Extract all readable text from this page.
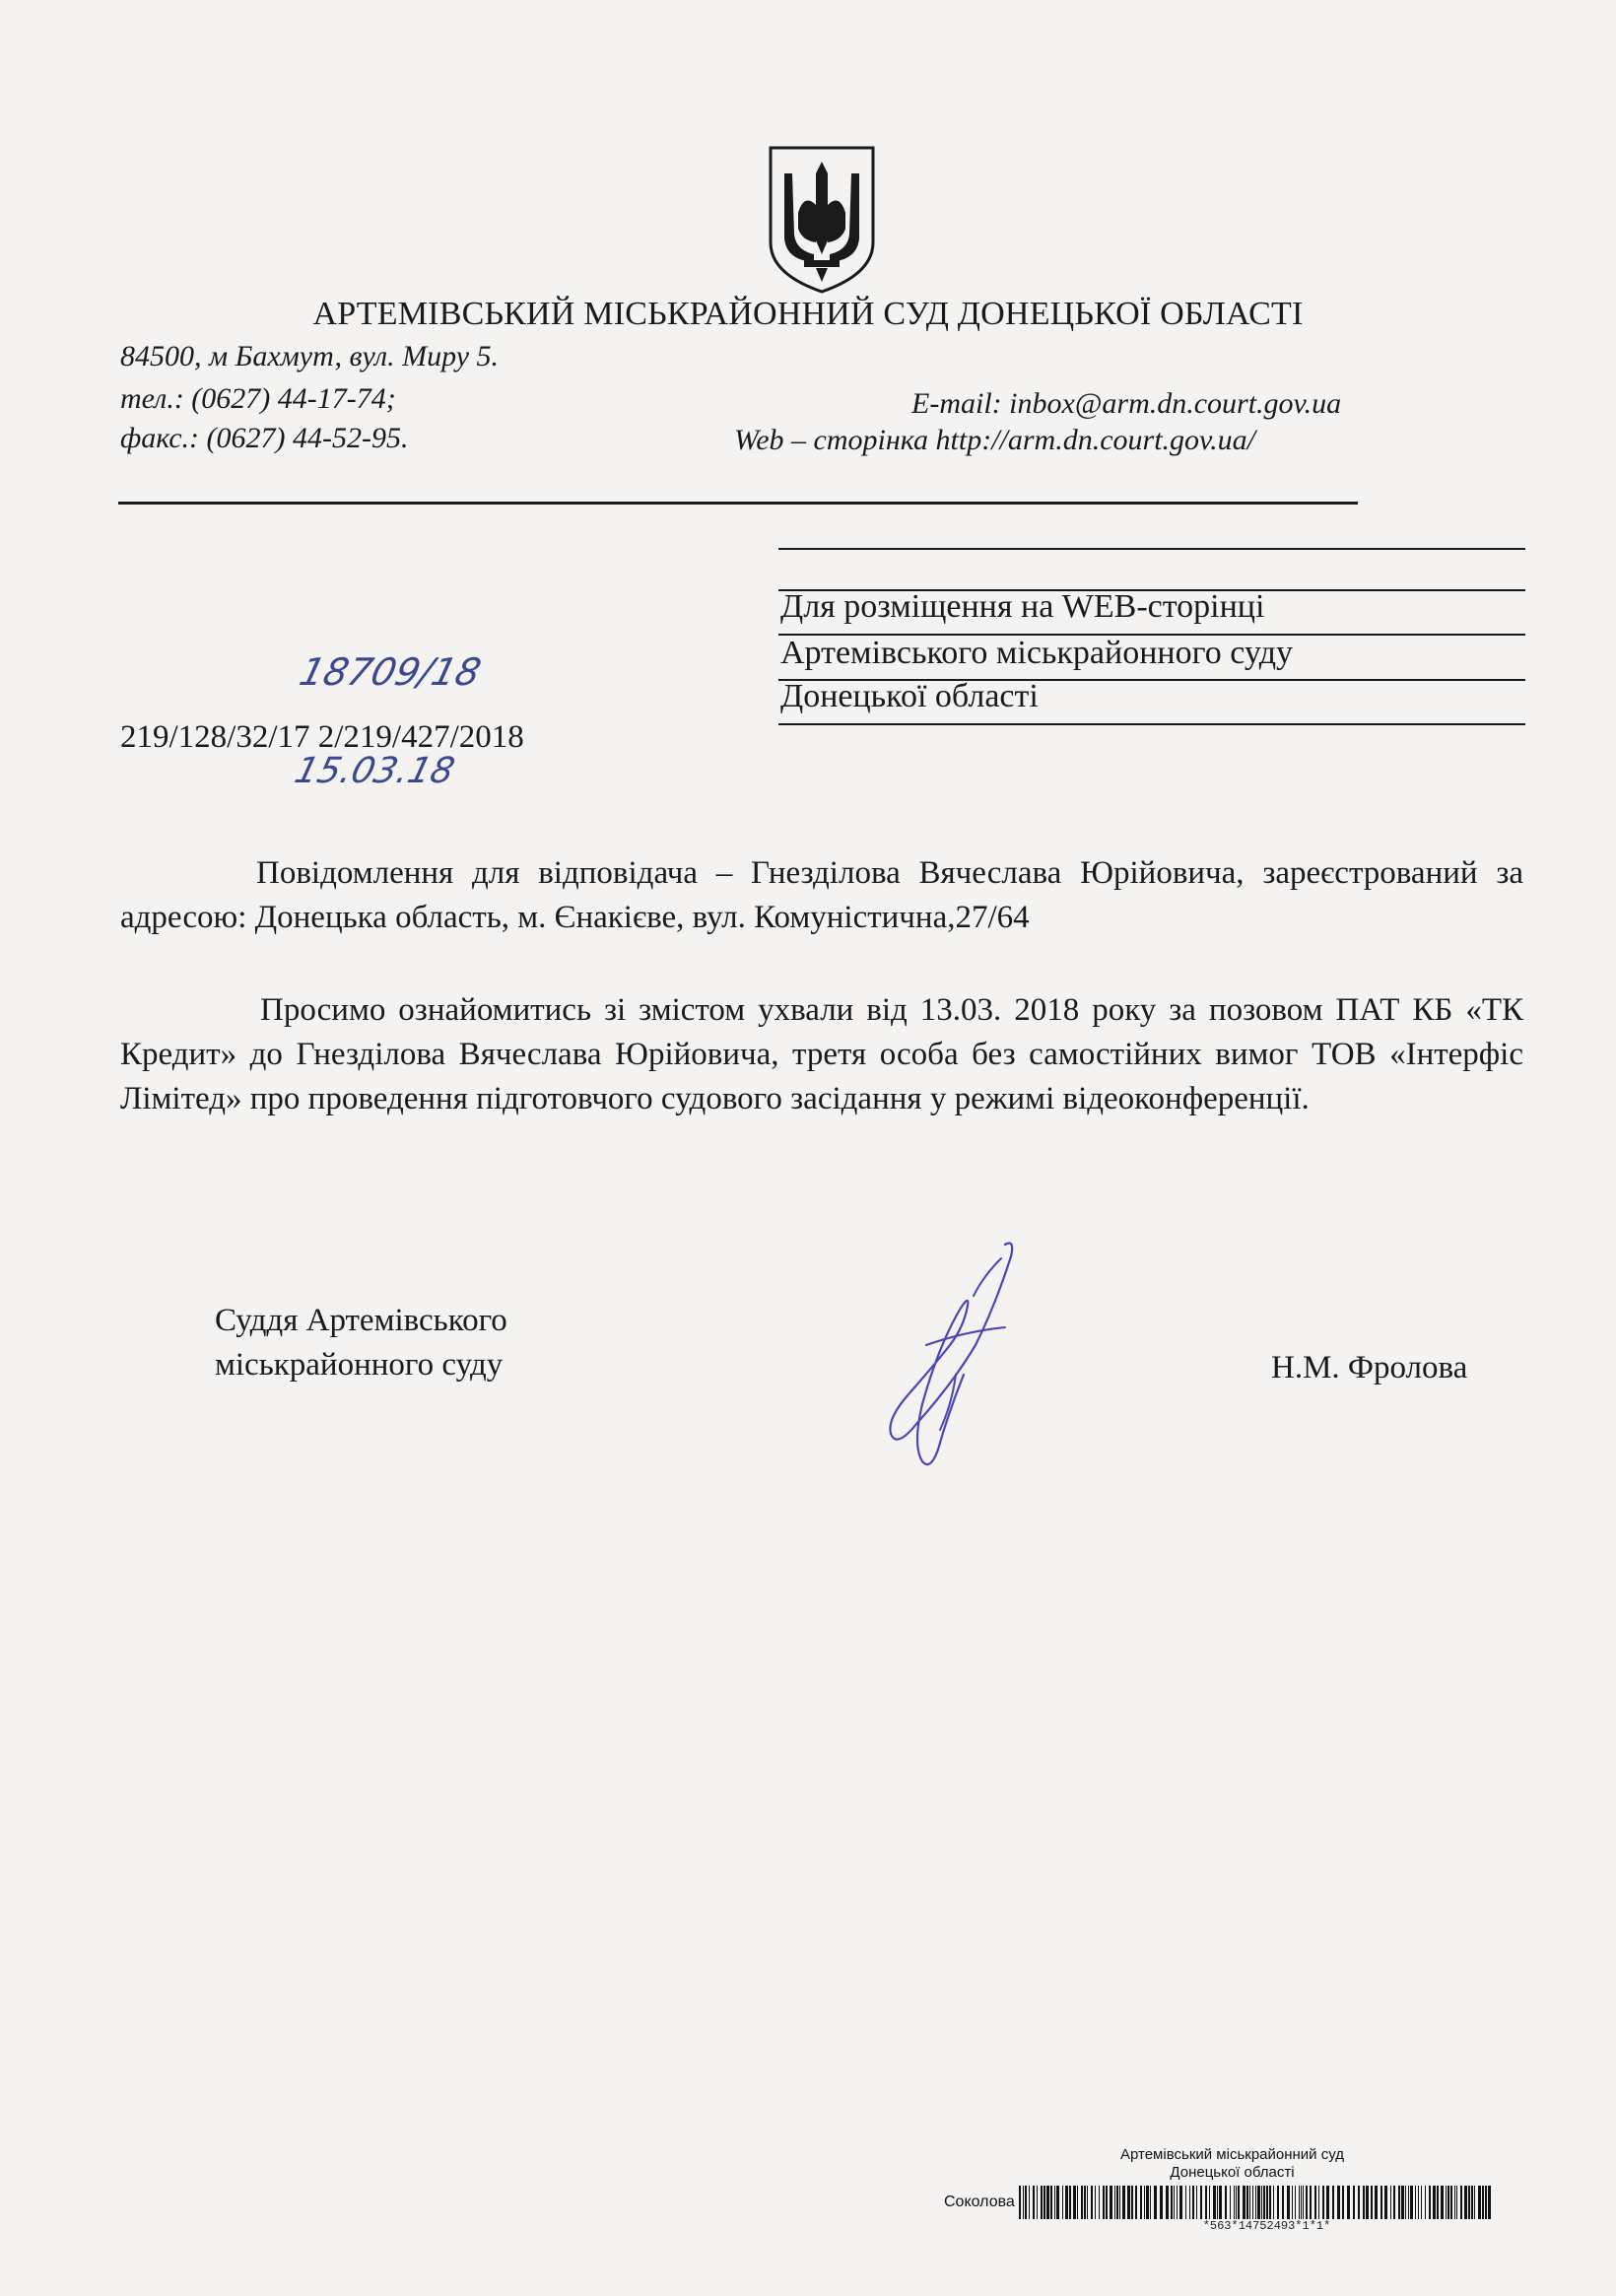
АРТЕМІВСЬКИЙ МІСЬКРАЙОННИЙ СУД ДОНЕЦЬКОЇ ОБЛАСТІ
84500, м Бахмут, вул. Миру 5.
тел.: (0627) 44-17-74;
факс.: (0627) 44-52-95.
E-mail: inbox@arm.dn.court.gov.ua
Web – сторінка http://arm.dn.court.gov.ua/
Для розміщення на WEB-сторінці
Артемівського міськрайонного суду
Донецької області
18709/18
219/128/32/17 2/219/427/2018
15.03.18
Повідомлення для відповідача – Гнезділова Вячеслава Юрійовича, зареєстрований за адресою: Донецька область, м. Єнакієве, вул. Комуністична,27/64
Просимо ознайомитись зі змістом ухвали від 13.03. 2018 року за позовом ПАТ КБ «ТК Кредит» до Гнезділова Вячеслава Юрійовича, третя особа без самостійних вимог ТОВ «Інтерфіс Лімітед» про проведення підготовчого судового засідання у режимі відеоконференції.
Суддя Артемівського
міськрайонного суду	Н.М. Фролова
Артемівський міськрайонний суд
Донецької області
Соколова
*563*14752493*1*1*
